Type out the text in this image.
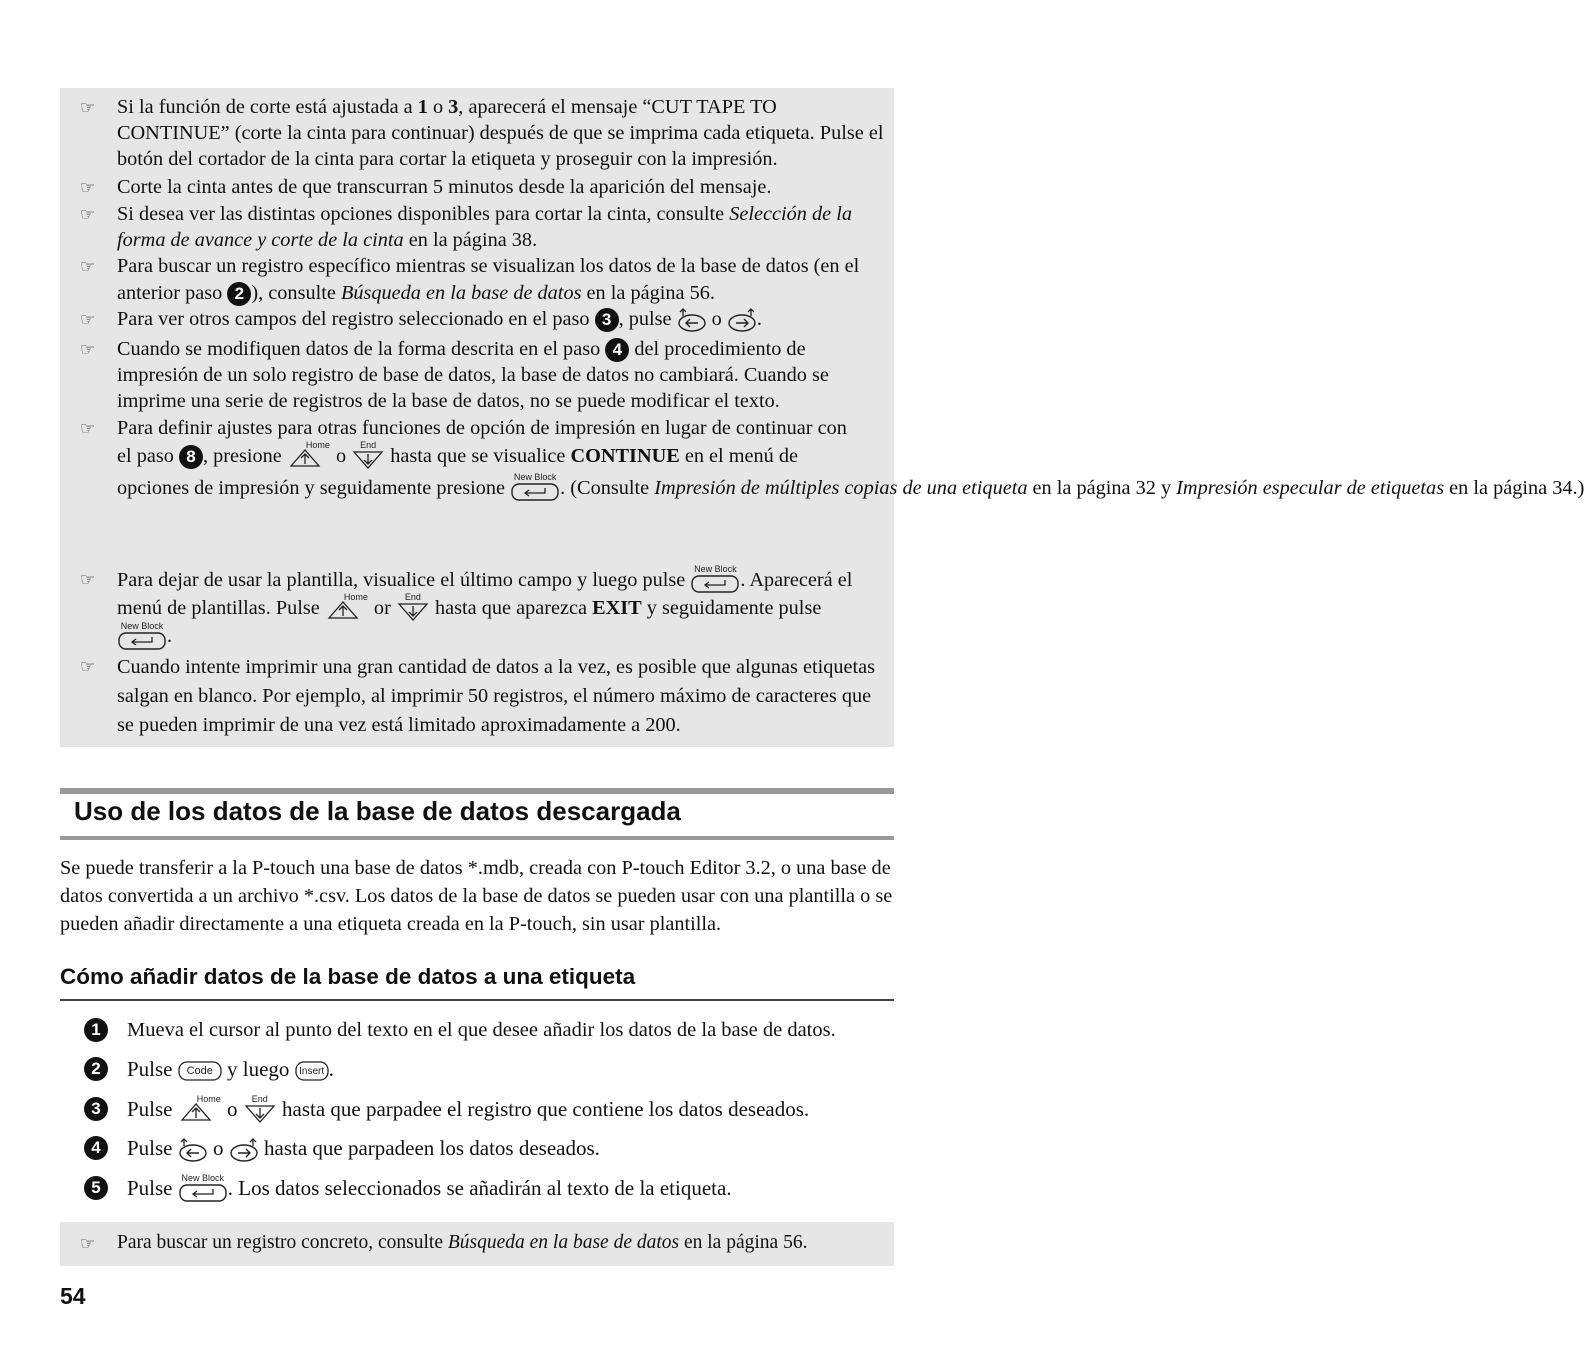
☞ Si la función de corte está ajustada a 1 o 3, aparecerá el mensaje “CUT TAPE TO CONTINUE” (corte la cinta para continuar) después de que se imprima cada etiqueta. Pulse el botón del cortador de la cinta para cortar la etiqueta y proseguir con la impresión.
☞ Corte la cinta antes de que transcurran 5 minutos desde la aparición del mensaje.
☞ Si desea ver las distintas opciones disponibles para cortar la cinta, consulte Selección de la forma de avance y corte de la cinta en la página 38.
☞ Para buscar un registro específico mientras se visualizan los datos de la base de datos (en el anterior paso 2 ), consulte Búsqueda en la base de datos en la página 56.
☞ Para ver otros campos del registro seleccionado en el paso 3 , pulse
o
.
☞ Cuando se modifiquen datos de la forma descrita en el paso 4 del procedimiento de impresión de un solo registro de base de datos, la base de datos no cambiará. Cuando se imprime una serie de registros de la base de datos, no se puede modificar el texto.
☞ Para definir ajustes para otras funciones de opción de impresión en lugar de continuar con
el paso 8 , presione Home o End hasta que se visualice CONTINUE en el menú de
opciones de impresión y seguidamente presione New Block . (Consulte Impresión de múltiples copias de una etiqueta en la página 32 y Impresión especular de etiquetas en la página 34.)
☞ Para dejar de usar la plantilla, visualice el último campo y luego pulse New Block . Aparecerá el
menú de plantillas. Pulse Home or End hasta que aparezca EXIT y seguidamente pulse
New Block .
☞ Cuando intente imprimir una gran cantidad de datos a la vez, es posible que algunas etiquetas salgan en blanco. Por ejemplo, al imprimir 50 registros, el número máximo de caracteres que se pueden imprimir de una vez está limitado aproximadamente a 200.
Uso de los datos de la base de datos descargada
Se puede transferir a la P-touch una base de datos *.mdb, creada con P-touch Editor 3.2, o una base de datos convertida a un archivo *.csv. Los datos de la base de datos se pueden usar con una plantilla o se pueden añadir directamente a una etiqueta creada en la P-touch, sin usar plantilla.
Cómo añadir datos de la base de datos a una etiqueta
1	Mueva el cursor al punto del texto en el que desee añadir los datos de la base de datos.
2	Pulse Code y luego Insert .
3	Pulse Home o End hasta que parpadee el registro que contiene los datos deseados.
4	Pulse
o
hasta que parpadeen los datos deseados.
5	Pulse New Block . Los datos seleccionados se añadirán al texto de la etiqueta.
☞ Para buscar un registro concreto, consulte Búsqueda en la base de datos en la página 56.
54
